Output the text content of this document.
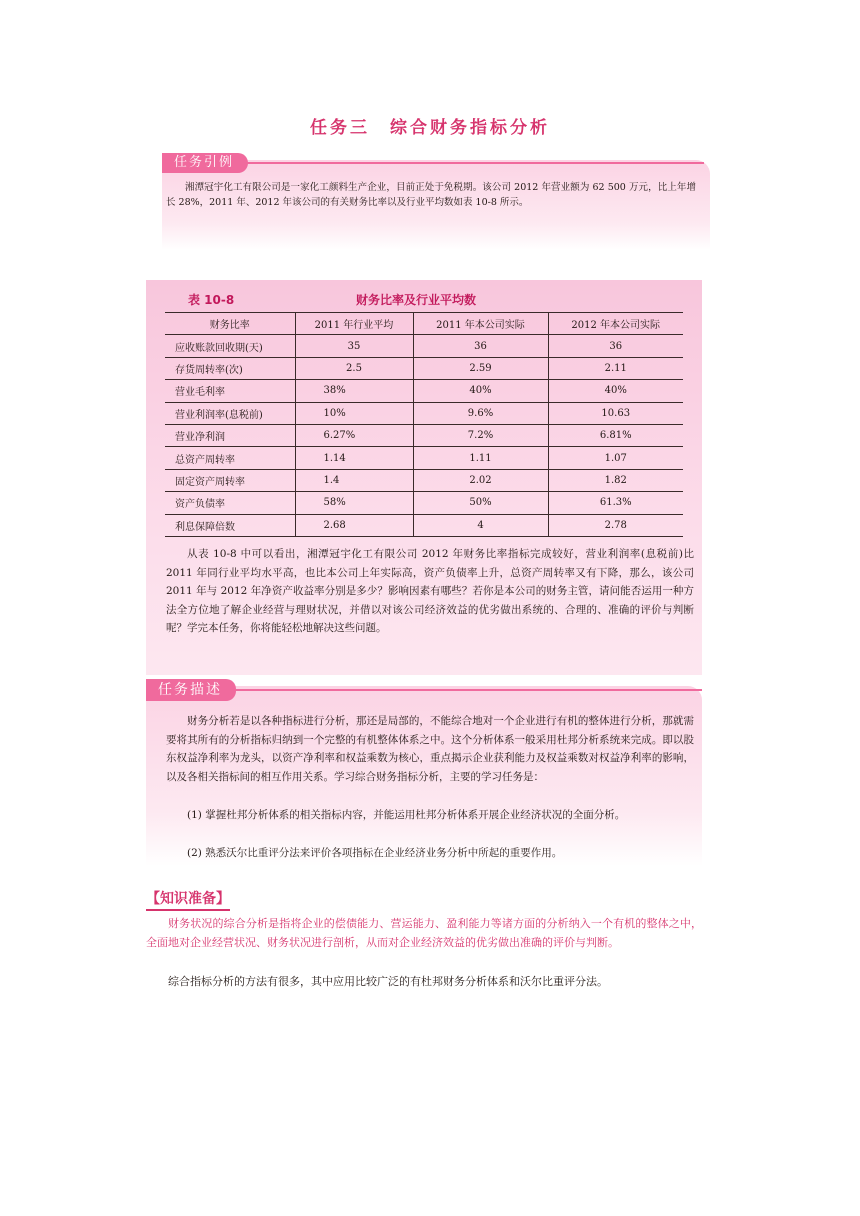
任务三　综合财务指标分析
任务引例
湘潭冠宇化工有限公司是一家化工颜料生产企业，目前正处于免税期。该公司 2012 年营业额为 62 500 万元，比上年增长 28%，2011 年、2012 年该公司的有关财务比率以及行业平均数如表 10-8 所示。
表 10-8	财务比率及行业平均数
财务比率	2011 年行业平均	2011 年本公司实际	2012 年本公司实际
应收账款回收期(天)	35	36	36
存货周转率(次)	2.5	2.59	2.11
营业毛利率	38%	40%	40%
营业利润率(息税前)	10%	9.6%	10.63
营业净利润	6.27%	7.2%	6.81%
总资产周转率	1.14	1.11	1.07
固定资产周转率	1.4	2.02	1.82
资产负债率	58%	50%	61.3%
利息保障倍数	2.68	4	2.78
从表 10-8 中可以看出，湘潭冠宇化工有限公司 2012 年财务比率指标完成较好，营业利润率(息税前)比 2011 年同行业平均水平高，也比本公司上年实际高，资产负债率上升，总资产周转率又有下降，那么，该公司 2011 年与 2012 年净资产收益率分别是多少？影响因素有哪些？若你是本公司的财务主管，请问能否运用一种方法全方位地了解企业经营与理财状况，并借以对该公司经济效益的优劣做出系统的、合理的、准确的评价与判断呢？学完本任务，你将能轻松地解决这些问题。
任务描述
财务分析若是以各种指标进行分析，那还是局部的，不能综合地对一个企业进行有机的整体进行分析，那就需要将其所有的分析指标归纳到一个完整的有机整体体系之中。这个分析体系一般采用杜邦分析系统来完成。即以股东权益净利率为龙头，以资产净利率和权益乘数为核心，重点揭示企业获利能力及权益乘数对权益净利率的影响，以及各相关指标间的相互作用关系。学习综合财务指标分析，主要的学习任务是：
(1) 掌握杜邦分析体系的相关指标内容，并能运用杜邦分析体系开展企业经济状况的全面分析。
(2) 熟悉沃尔比重评分法来评价各项指标在企业经济业务分析中所起的重要作用。
【知识准备】
财务状况的综合分析是指将企业的偿债能力、营运能力、盈利能力等诸方面的分析纳入一个有机的整体之中，全面地对企业经营状况、财务状况进行剖析，从而对企业经济效益的优劣做出准确的评价与判断。
综合指标分析的方法有很多，其中应用比较广泛的有杜邦财务分析体系和沃尔比重评分法。
